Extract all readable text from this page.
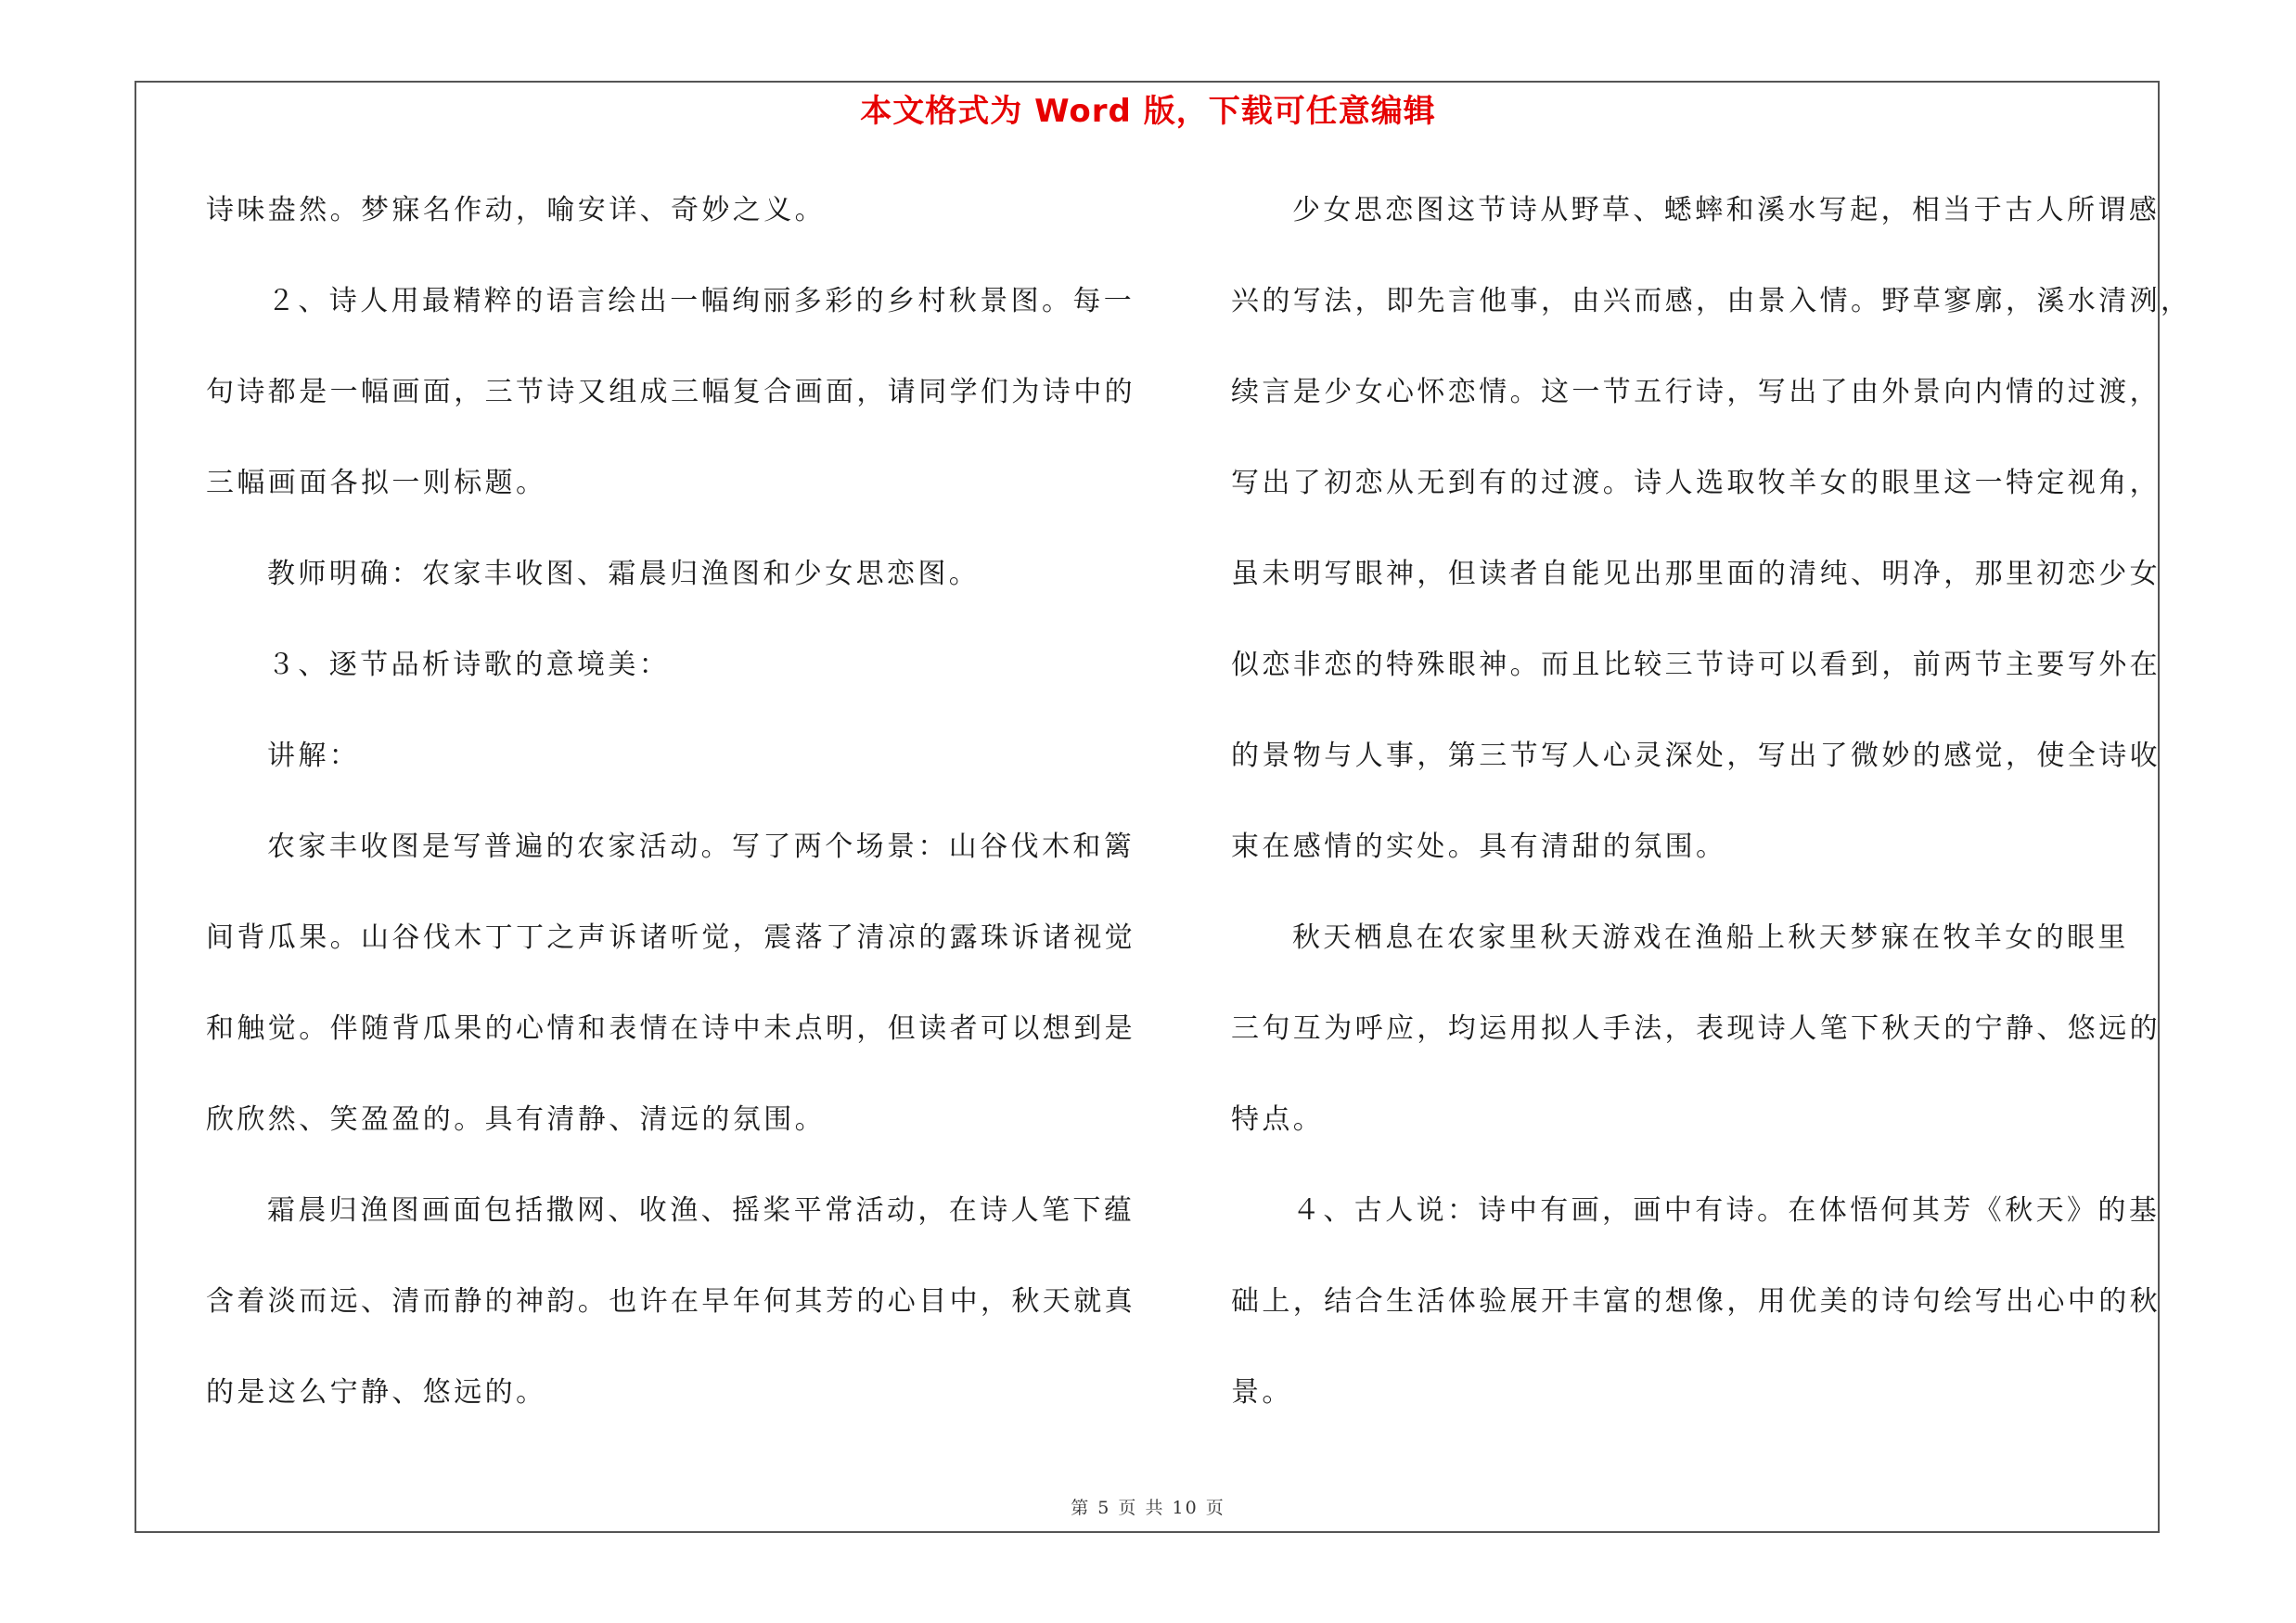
本文格式为 Word 版，下载可任意编辑
诗味盎然。梦寐名作动，喻安详、奇妙之义。
２、诗人用最精粹的语言绘出一幅绚丽多彩的乡村秋景图。每一
句诗都是一幅画面，三节诗又组成三幅复合画面，请同学们为诗中的
三幅画面各拟一则标题。
教师明确：农家丰收图、霜晨归渔图和少女思恋图。
３、逐节品析诗歌的意境美：
讲解：
农家丰收图是写普遍的农家活动。写了两个场景：山谷伐木和篱
间背瓜果。山谷伐木丁丁之声诉诸听觉，震落了清凉的露珠诉诸视觉
和触觉。伴随背瓜果的心情和表情在诗中未点明，但读者可以想到是
欣欣然、笑盈盈的。具有清静、清远的氛围。
霜晨归渔图画面包括撒网、收渔、摇桨平常活动，在诗人笔下蕴
含着淡而远、清而静的神韵。也许在早年何其芳的心目中，秋天就真
的是这么宁静、悠远的。
少女思恋图这节诗从野草、蟋蟀和溪水写起，相当于古人所谓感
兴的写法，即先言他事，由兴而感，由景入情。野草寥廓，溪水清洌，
续言是少女心怀恋情。这一节五行诗，写出了由外景向内情的过渡，
写出了初恋从无到有的过渡。诗人选取牧羊女的眼里这一特定视角，
虽未明写眼神，但读者自能见出那里面的清纯、明净，那里初恋少女
似恋非恋的特殊眼神。而且比较三节诗可以看到，前两节主要写外在
的景物与人事，第三节写人心灵深处，写出了微妙的感觉，使全诗收
束在感情的实处。具有清甜的氛围。
秋天栖息在农家里秋天游戏在渔船上秋天梦寐在牧羊女的眼里
三句互为呼应，均运用拟人手法，表现诗人笔下秋天的宁静、悠远的
特点。
４、古人说：诗中有画，画中有诗。在体悟何其芳《秋天》的基
础上，结合生活体验展开丰富的想像，用优美的诗句绘写出心中的秋
景。
第 5 页 共 10 页
